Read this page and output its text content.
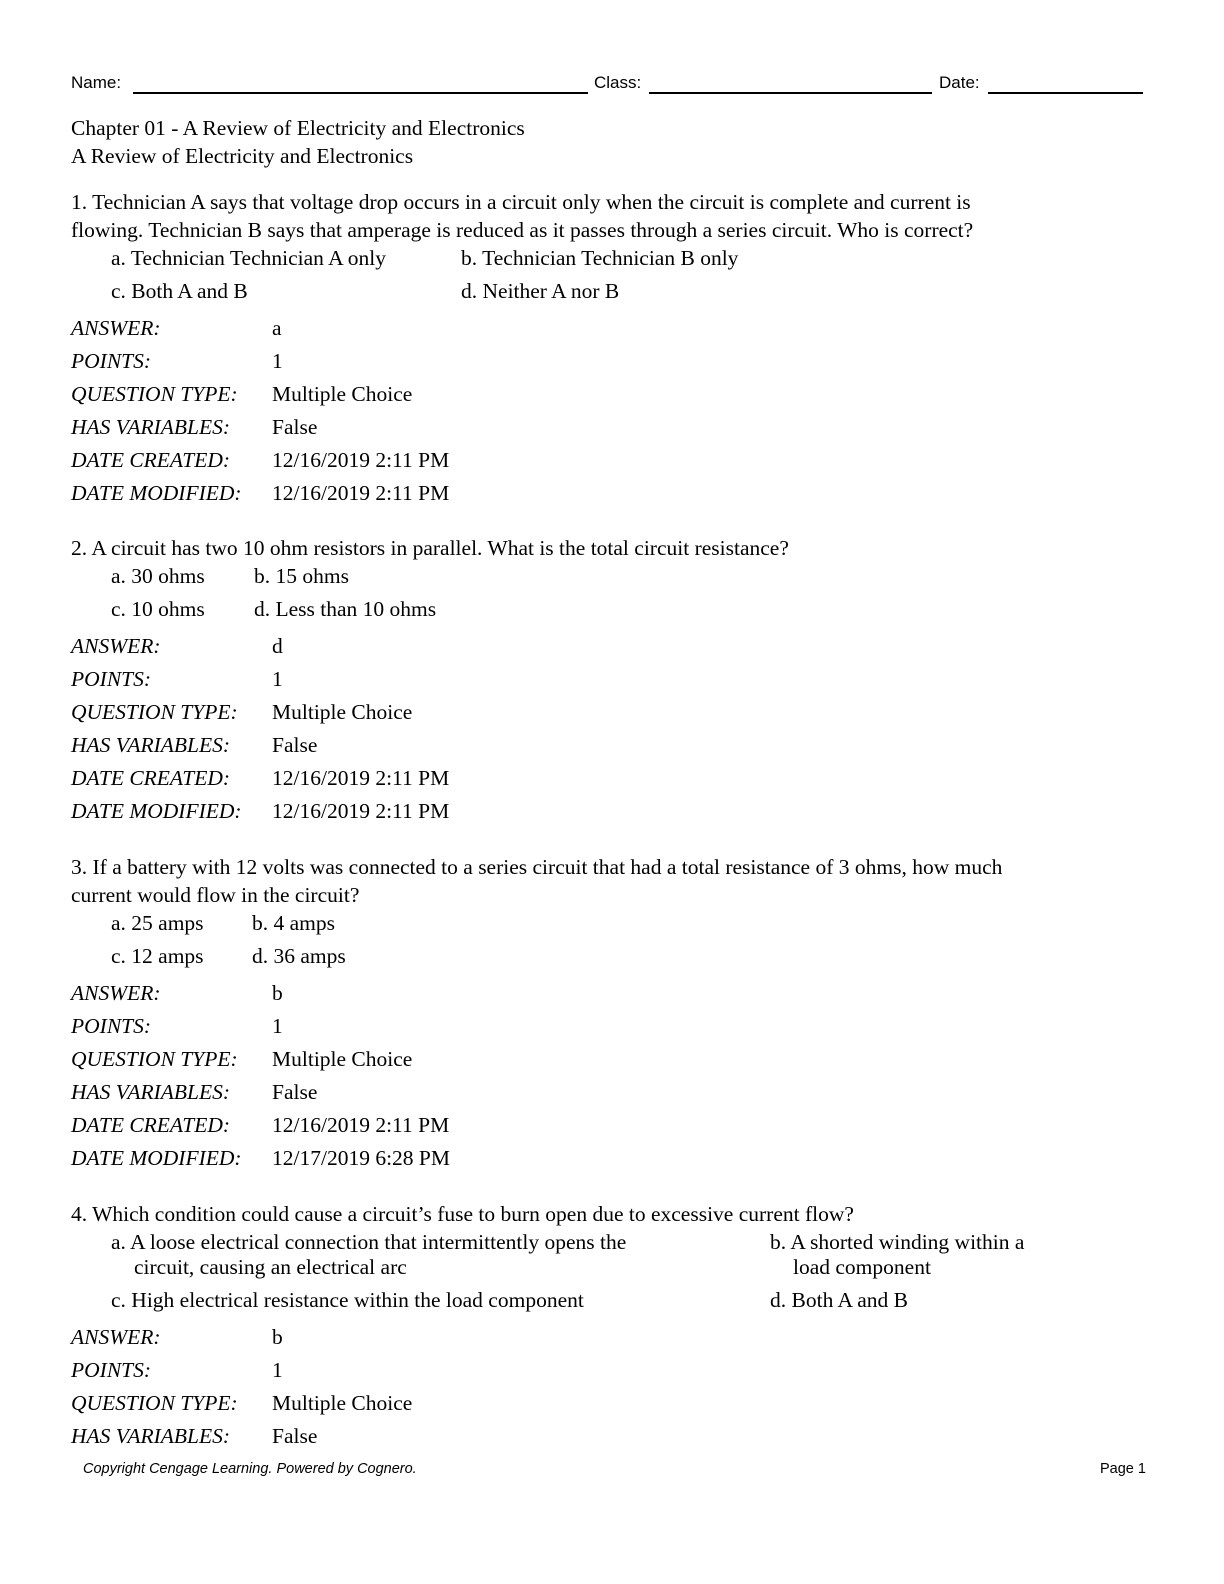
Name:	Class:	Date:
Chapter 01 - A Review of Electricity and Electronics
A Review of Electricity and Electronics
1. Technician A says that voltage drop occurs in a circuit only when the circuit is complete and current is
flowing. Technician B says that amperage is reduced as it passes through a series circuit. Who is correct?
a. Technician Technician A only	b. Technician Technician B only
c. Both A and B	d. Neither A nor B
ANSWER:	a
POINTS:	1
QUESTION TYPE: Multiple Choice
HAS VARIABLES: False
DATE CREATED: 12/16/2019 2:11 PM
DATE MODIFIED: 12/16/2019 2:11 PM
2. A circuit has two 10 ohm resistors in parallel. What is the total circuit resistance?
a. 30 ohms b. 15 ohms
c. 10 ohms d. Less than 10 ohms
ANSWER:	d
POINTS:	1
QUESTION TYPE: Multiple Choice
HAS VARIABLES: False
DATE CREATED: 12/16/2019 2:11 PM
DATE MODIFIED: 12/16/2019 2:11 PM
3. If a battery with 12 volts was connected to a series circuit that had a total resistance of 3 ohms, how much
current would flow in the circuit?
a. 25 amps b. 4 amps
c. 12 amps d. 36 amps
ANSWER:	b
POINTS:	1
QUESTION TYPE: Multiple Choice
HAS VARIABLES: False
DATE CREATED: 12/16/2019 2:11 PM
DATE MODIFIED: 12/17/2019 6:28 PM
4. Which condition could cause a circuit’s fuse to burn open due to excessive current flow?
a. A loose electrical connection that intermittently opens the
circuit, causing an electrical arc
b. A shorted winding within a
load component
c. High electrical resistance within the load component	d. Both A and B
ANSWER:	b
POINTS:	1
QUESTION TYPE: Multiple Choice
HAS VARIABLES: False
Copyright Cengage Learning. Powered by Cognero.	Page 1
